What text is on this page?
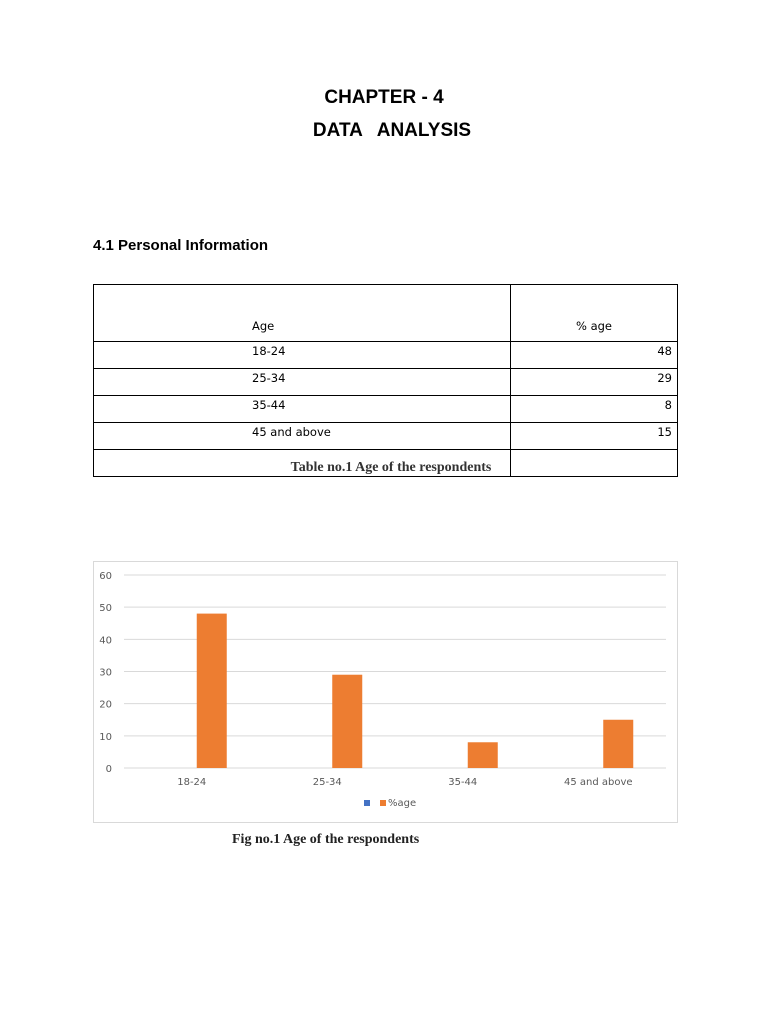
CHAPTER - 4
DATA ANALYSIS
4.1 Personal Information
Age	% age
18-24	48
25-34	29
35-44	8
45 and above	15

Table no.1 Age of the respondents

0
10
20
30
40
50
60
18-24	25-34	35-44	45 and above
%age

Fig no.1 Age of the respondents
